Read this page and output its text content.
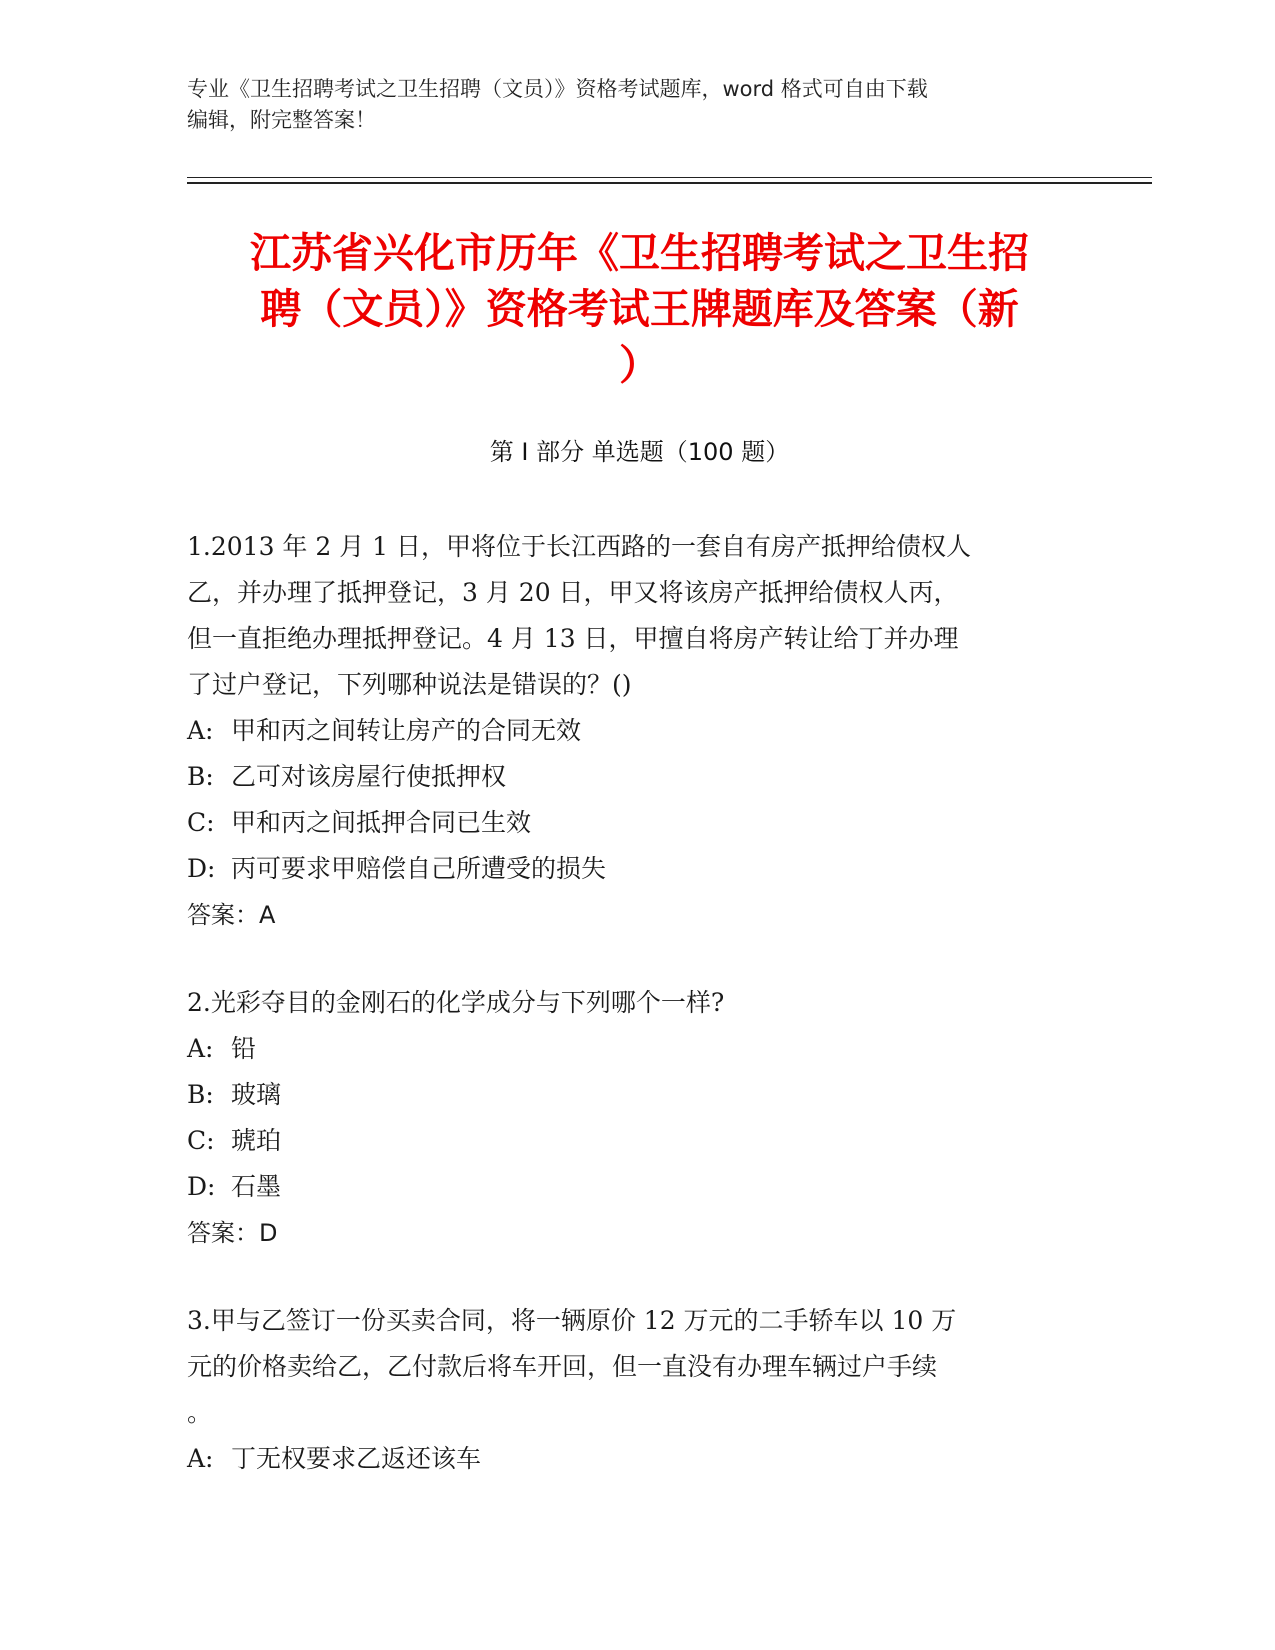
专业《卫生招聘考试之卫生招聘（文员）》资格考试题库，word 格式可自由下载
编辑，附完整答案！
江苏省兴化市历年《卫生招聘考试之卫生招
聘（文员）》资格考试王牌题库及答案（新
）
第 I 部分 单选题（100 题）
1.2013 年 2 月 1 日，甲将位于长江西路的一套自有房产抵押给债权人
乙，并办理了抵押登记，3 月 20 日，甲又将该房产抵押给债权人丙，
但一直拒绝办理抵押登记。4 月 13 日，甲擅自将房产转让给丁并办理
了过户登记，下列哪种说法是错误的？()
A: 甲和丙之间转让房产的合同无效
B: 乙可对该房屋行使抵押权
C: 甲和丙之间抵押合同已生效
D: 丙可要求甲赔偿自己所遭受的损失
答案：A
2.光彩夺目的金刚石的化学成分与下列哪个一样?
A: 铅
B: 玻璃
C: 琥珀
D: 石墨
答案：D
3.甲与乙签订一份买卖合同，将一辆原价 12 万元的二手轿车以 10 万
元的价格卖给乙，乙付款后将车开回，但一直没有办理车辆过户手续
。
A: 丁无权要求乙返还该车
